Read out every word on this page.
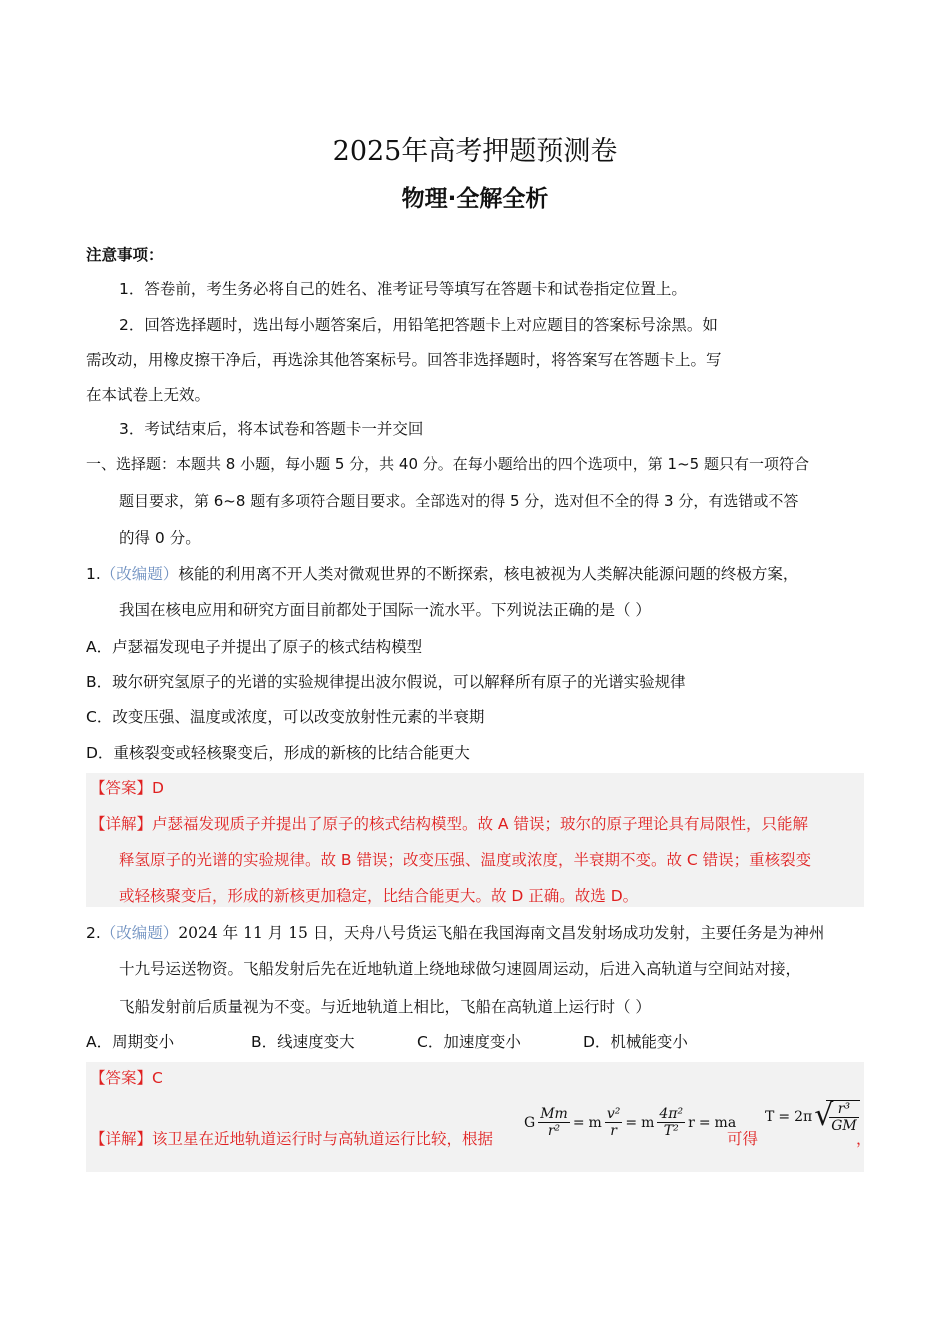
2025年高考押题预测卷
物理·全解全析
注意事项：
1．答卷前，考生务必将自己的姓名、准考证号等填写在答题卡和试卷指定位置上。
2．回答选择题时，选出每小题答案后，用铅笔把答题卡上对应题目的答案标号涂黑。如
需改动，用橡皮擦干净后，再选涂其他答案标号。回答非选择题时，将答案写在答题卡上。写
在本试卷上无效。
3．考试结束后，将本试卷和答题卡一并交回
一、选择题：本题共 8 小题，每小题 5 分，共 40 分。在每小题给出的四个选项中，第 1~5 题只有一项符合
题目要求，第 6~8 题有多项符合题目要求。全部选对的得 5 分，选对但不全的得 3 分，有选错或不答
的得 0 分。
1.（改编题）核能的利用离不开人类对微观世界的不断探索，核电被视为人类解决能源问题的终极方案，
我国在核电应用和研究方面目前都处于国际一流水平。下列说法正确的是（ ）
A．卢瑟福发现电子并提出了原子的核式结构模型
B．玻尔研究氢原子的光谱的实验规律提出波尔假说，可以解释所有原子的光谱实验规律
C．改变压强、温度或浓度，可以改变放射性元素的半衰期
D．重核裂变或轻核聚变后，形成的新核的比结合能更大
【答案】D
【详解】卢瑟福发现质子并提出了原子的核式结构模型。故 A 错误；玻尔的原子理论具有局限性，只能解
释氢原子的光谱的实验规律。故 B 错误；改变压强、温度或浓度，半衰期不变。故 C 错误；重核裂变
或轻核聚变后，形成的新核更加稳定，比结合能更大。故 D 正确。故选 D。
2.（改编题）2024 年 11 月 15 日，天舟八号货运飞船在我国海南文昌发射场成功发射，主要任务是为神州
十九号运送物资。飞船发射后先在近地轨道上绕地球做匀速圆周运动，后进入高轨道与空间站对接，
飞船发射前后质量视为不变。与近地轨道上相比，飞船在高轨道上运行时（ ）
A．周期变小	B．线速度变大	C．加速度变小	D．机械能变小
【答案】C
【详解】该卫星在近地轨道运行时与高轨道运行比较，根据
G $\frac{Mm}{\text{r²}} = m \frac{\text{v²}}{r} = m \frac{\text{4π²}}{\text{T²}}$ r = ma
可得
T = 2π √
$\frac{\text{r³}}{GM}$
，
